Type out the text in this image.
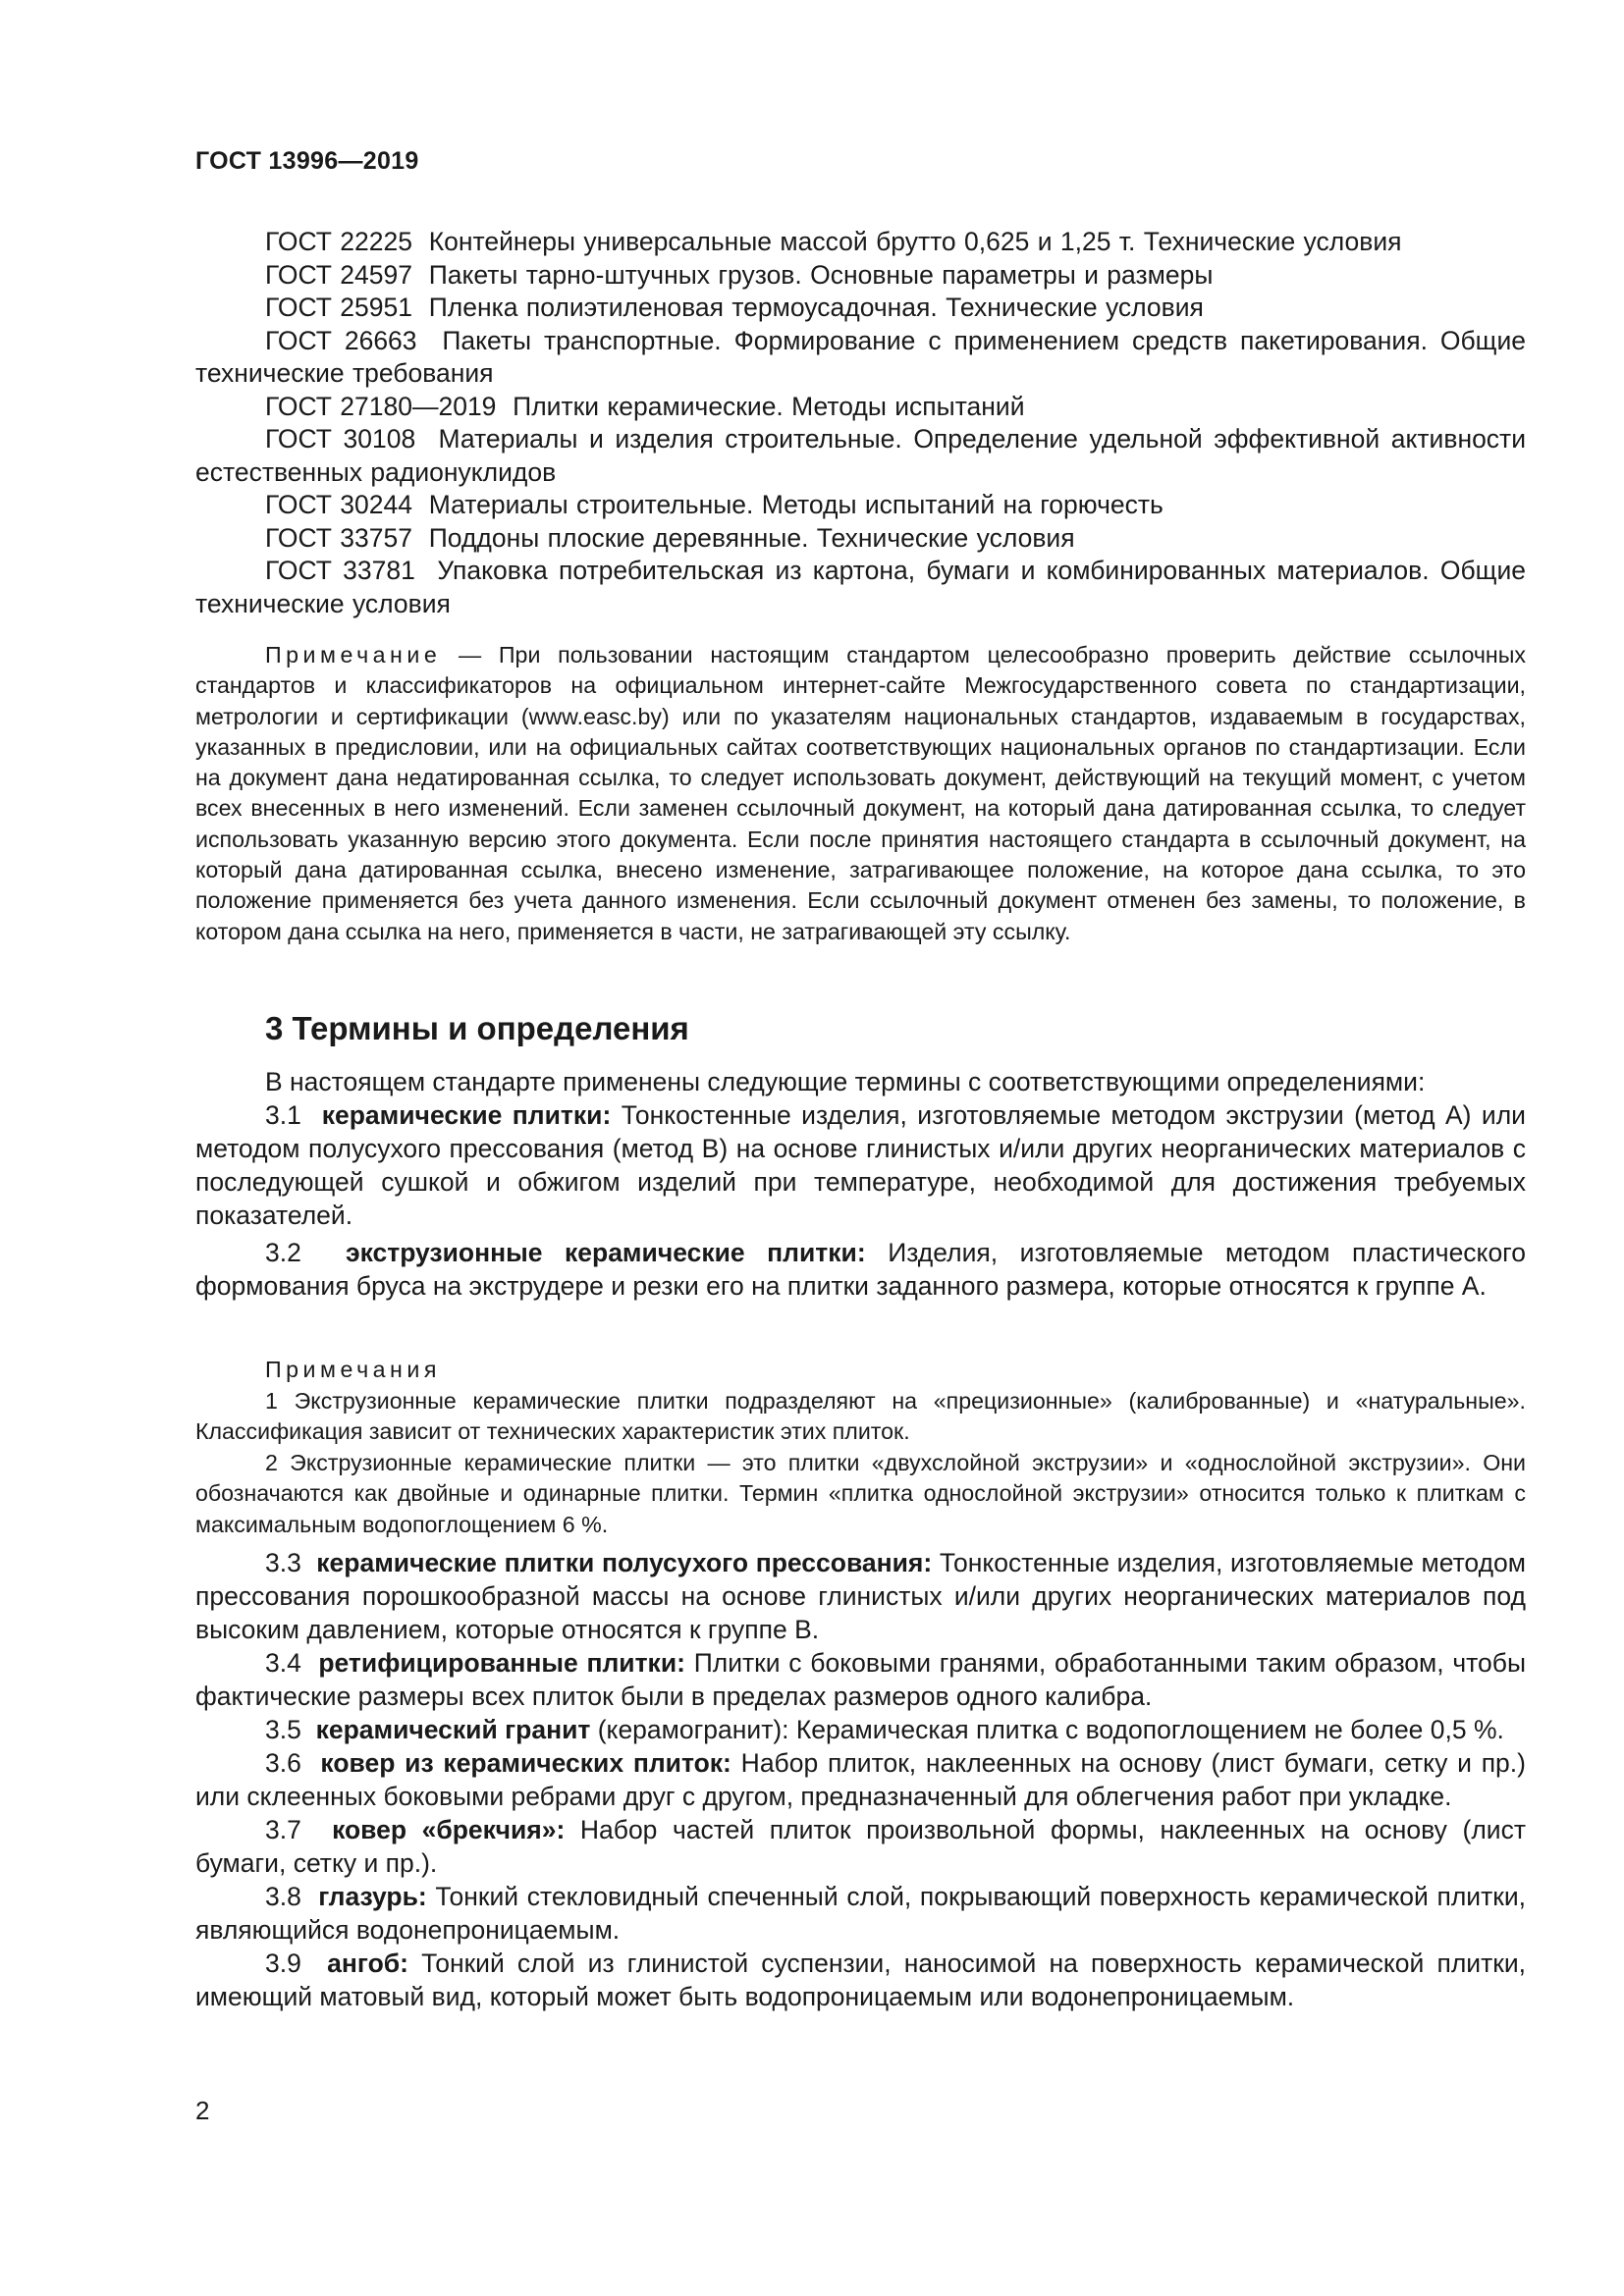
ГОСТ 13996—2019

ГОСТ 22225 Контейнеры универсальные массой брутто 0,625 и 1,25 т. Технические условия

ГОСТ 24597 Пакеты тарно-штучных грузов. Основные параметры и размеры

ГОСТ 25951 Пленка полиэтиленовая термоусадочная. Технические условия

ГОСТ 26663 Пакеты транспортные. Формирование с применением средств пакетирования. Общие технические требования

ГОСТ 27180—2019 Плитки керамические. Методы испытаний

ГОСТ 30108 Материалы и изделия строительные. Определение удельной эффективной активности естественных радионуклидов

ГОСТ 30244 Материалы строительные. Методы испытаний на горючесть

ГОСТ 33757 Поддоны плоские деревянные. Технические условия

ГОСТ 33781 Упаковка потребительская из картона, бумаги и комбинированных материалов. Общие технические условия

Примечание — При пользовании настоящим стандартом целесообразно проверить действие ссылочных стандартов и классификаторов на официальном интернет-сайте Межгосударственного совета по стандартизации, метрологии и сертификации (www.easc.by) или по указателям национальных стандартов, издаваемым в государствах, указанных в предисловии, или на официальных сайтах соответствующих национальных органов по стандартизации. Если на документ дана недатированная ссылка, то следует использовать документ, действующий на текущий момент, с учетом всех внесенных в него изменений. Если заменен ссылочный документ, на который дана датированная ссылка, то следует использовать указанную версию этого документа. Если после принятия настоящего стандарта в ссылочный документ, на который дана датированная ссылка, внесено изменение, затрагивающее положение, на которое дана ссылка, то это положение применяется без учета данного изменения. Если ссылочный документ отменен без замены, то положение, в котором дана ссылка на него, применяется в части, не затрагивающей эту ссылку.

3 Термины и определения

В настоящем стандарте применены следующие термины с соответствующими определениями:

3.1 керамические плитки: Тонкостенные изделия, изготовляемые методом экструзии (метод А) или методом полусухого прессования (метод В) на основе глинистых и/или других неорганических материалов с последующей сушкой и обжигом изделий при температуре, необходимой для достижения требуемых показателей.

3.2 экструзионные керамические плитки: Изделия, изготовляемые методом пластического формования бруса на экструдере и резки его на плитки заданного размера, которые относятся к группе А.

Примечания

1 Экструзионные керамические плитки подразделяют на «прецизионные» (калиброванные) и «натуральные». Классификация зависит от технических характеристик этих плиток.

2 Экструзионные керамические плитки — это плитки «двухслойной экструзии» и «однослойной экструзии». Они обозначаются как двойные и одинарные плитки. Термин «плитка однослойной экструзии» относится только к плиткам с максимальным водопоглощением 6 %.

3.3 керамические плитки полусухого прессования: Тонкостенные изделия, изготовляемые методом прессования порошкообразной массы на основе глинистых и/или других неорганических материалов под высоким давлением, которые относятся к группе В.

3.4 ретифицированные плитки: Плитки с боковыми гранями, обработанными таким образом, чтобы фактические размеры всех плиток были в пределах размеров одного калибра.

3.5 керамический гранит (керамогранит): Керамическая плитка с водопоглощением не более 0,5 %.

3.6 ковер из керамических плиток: Набор плиток, наклеенных на основу (лист бумаги, сетку и пр.) или склеенных боковыми ребрами друг с другом, предназначенный для облегчения работ при укладке.

3.7 ковер «брекчия»: Набор частей плиток произвольной формы, наклеенных на основу (лист бумаги, сетку и пр.).

3.8 глазурь: Тонкий стекловидный спеченный слой, покрывающий поверхность керамической плитки, являющийся водонепроницаемым.

3.9 ангоб: Тонкий слой из глинистой суспензии, наносимой на поверхность керамической плитки, имеющий матовый вид, который может быть водопроницаемым или водонепроницаемым.

2
